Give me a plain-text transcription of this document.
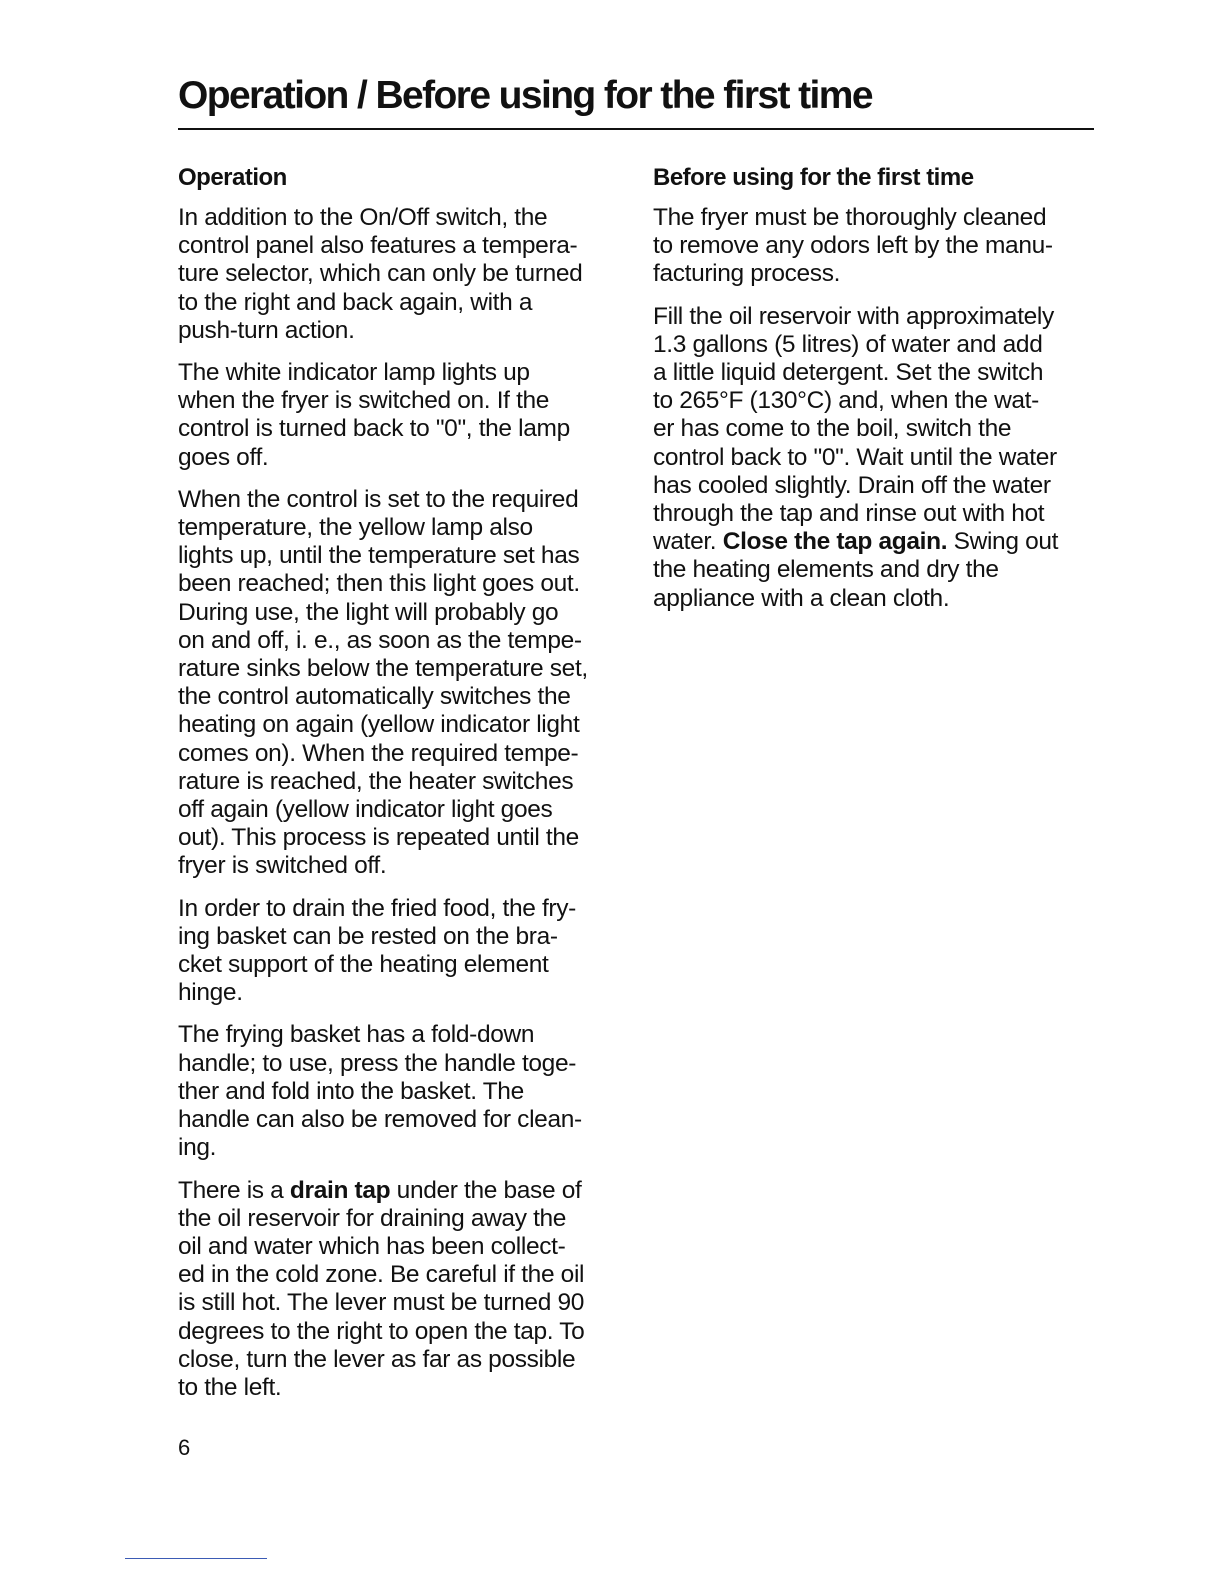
Operation / Before using for the first time
Operation

In addition to the On/Off switch, the
control panel also features a tempera-
ture selector, which can only be turned
to the right and back again, with a
push-turn action.

The white indicator lamp lights up
when the fryer is switched on. If the
control is turned back to "0", the lamp
goes off.

When the control is set to the required
temperature, the yellow lamp also
lights up, until the temperature set has
been reached; then this light goes out.
During use, the light will probably go
on and off, i. e., as soon as the tempe-
rature sinks below the temperature set,
the control automatically switches the
heating on again (yellow indicator light
comes on). When the required tempe-
rature is reached, the heater switches
off again (yellow indicator light goes
out). This process is repeated until the
fryer is switched off.

In order to drain the fried food, the fry-
ing basket can be rested on the bra-
cket support of the heating element
hinge.

The frying basket has a fold-down
handle; to use, press the handle toge-
ther and fold into the basket. The
handle can also be removed for clean-
ing.

There is a drain tap under the base of
the oil reservoir for draining away the
oil and water which has been collect-
ed in the cold zone. Be careful if the oil
is still hot. The lever must be turned 90
degrees to the right to open the tap. To
close, turn the lever as far as possible
to the left.

Before using for the first time

The fryer must be thoroughly cleaned
to remove any odors left by the manu-
facturing process.

Fill the oil reservoir with approximately
1.3 gallons (5 litres) of water and add
a little liquid detergent. Set the switch
to 265°F (130°C) and, when the wat-
er has come to the boil, switch the
control back to "0". Wait until the water
has cooled slightly. Drain off the water
through the tap and rinse out with hot
water. Close the tap again. Swing out
the heating elements and dry the
appliance with a clean cloth.

6
